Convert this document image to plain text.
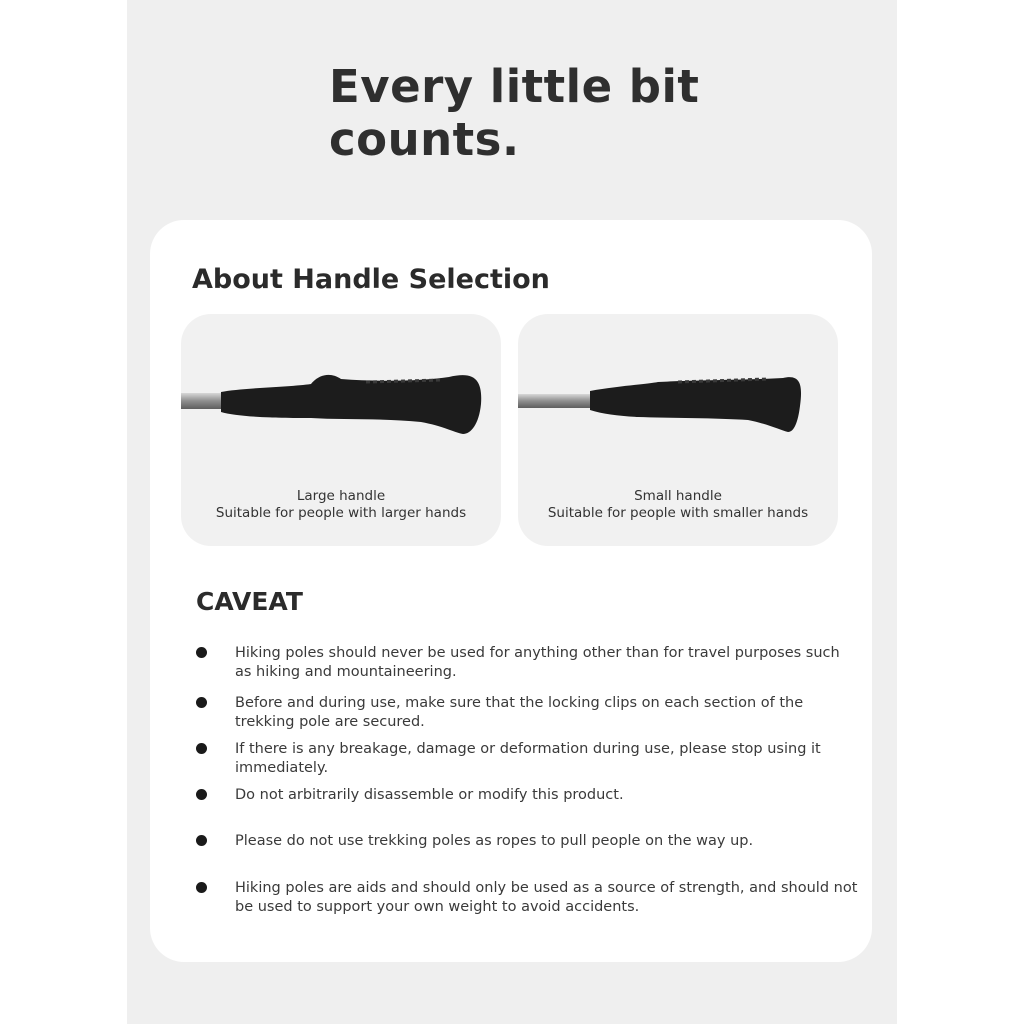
Every little bit counts.
About Handle Selection
Large handle
Suitable for people with larger hands
Small handle
Suitable for people with smaller hands
CAVEAT
Hiking poles should never be used for anything other than for travel purposes such as hiking and mountaineering.
Before and during use, make sure that the locking clips on each section of the trekking pole are secured.
If there is any breakage, damage or deformation during use, please stop using it immediately.
Do not arbitrarily disassemble or modify this product.
Please do not use trekking poles as ropes to pull people on the way up.
Hiking poles are aids and should only be used as a source of strength, and should not be used to support your own weight to avoid accidents.
